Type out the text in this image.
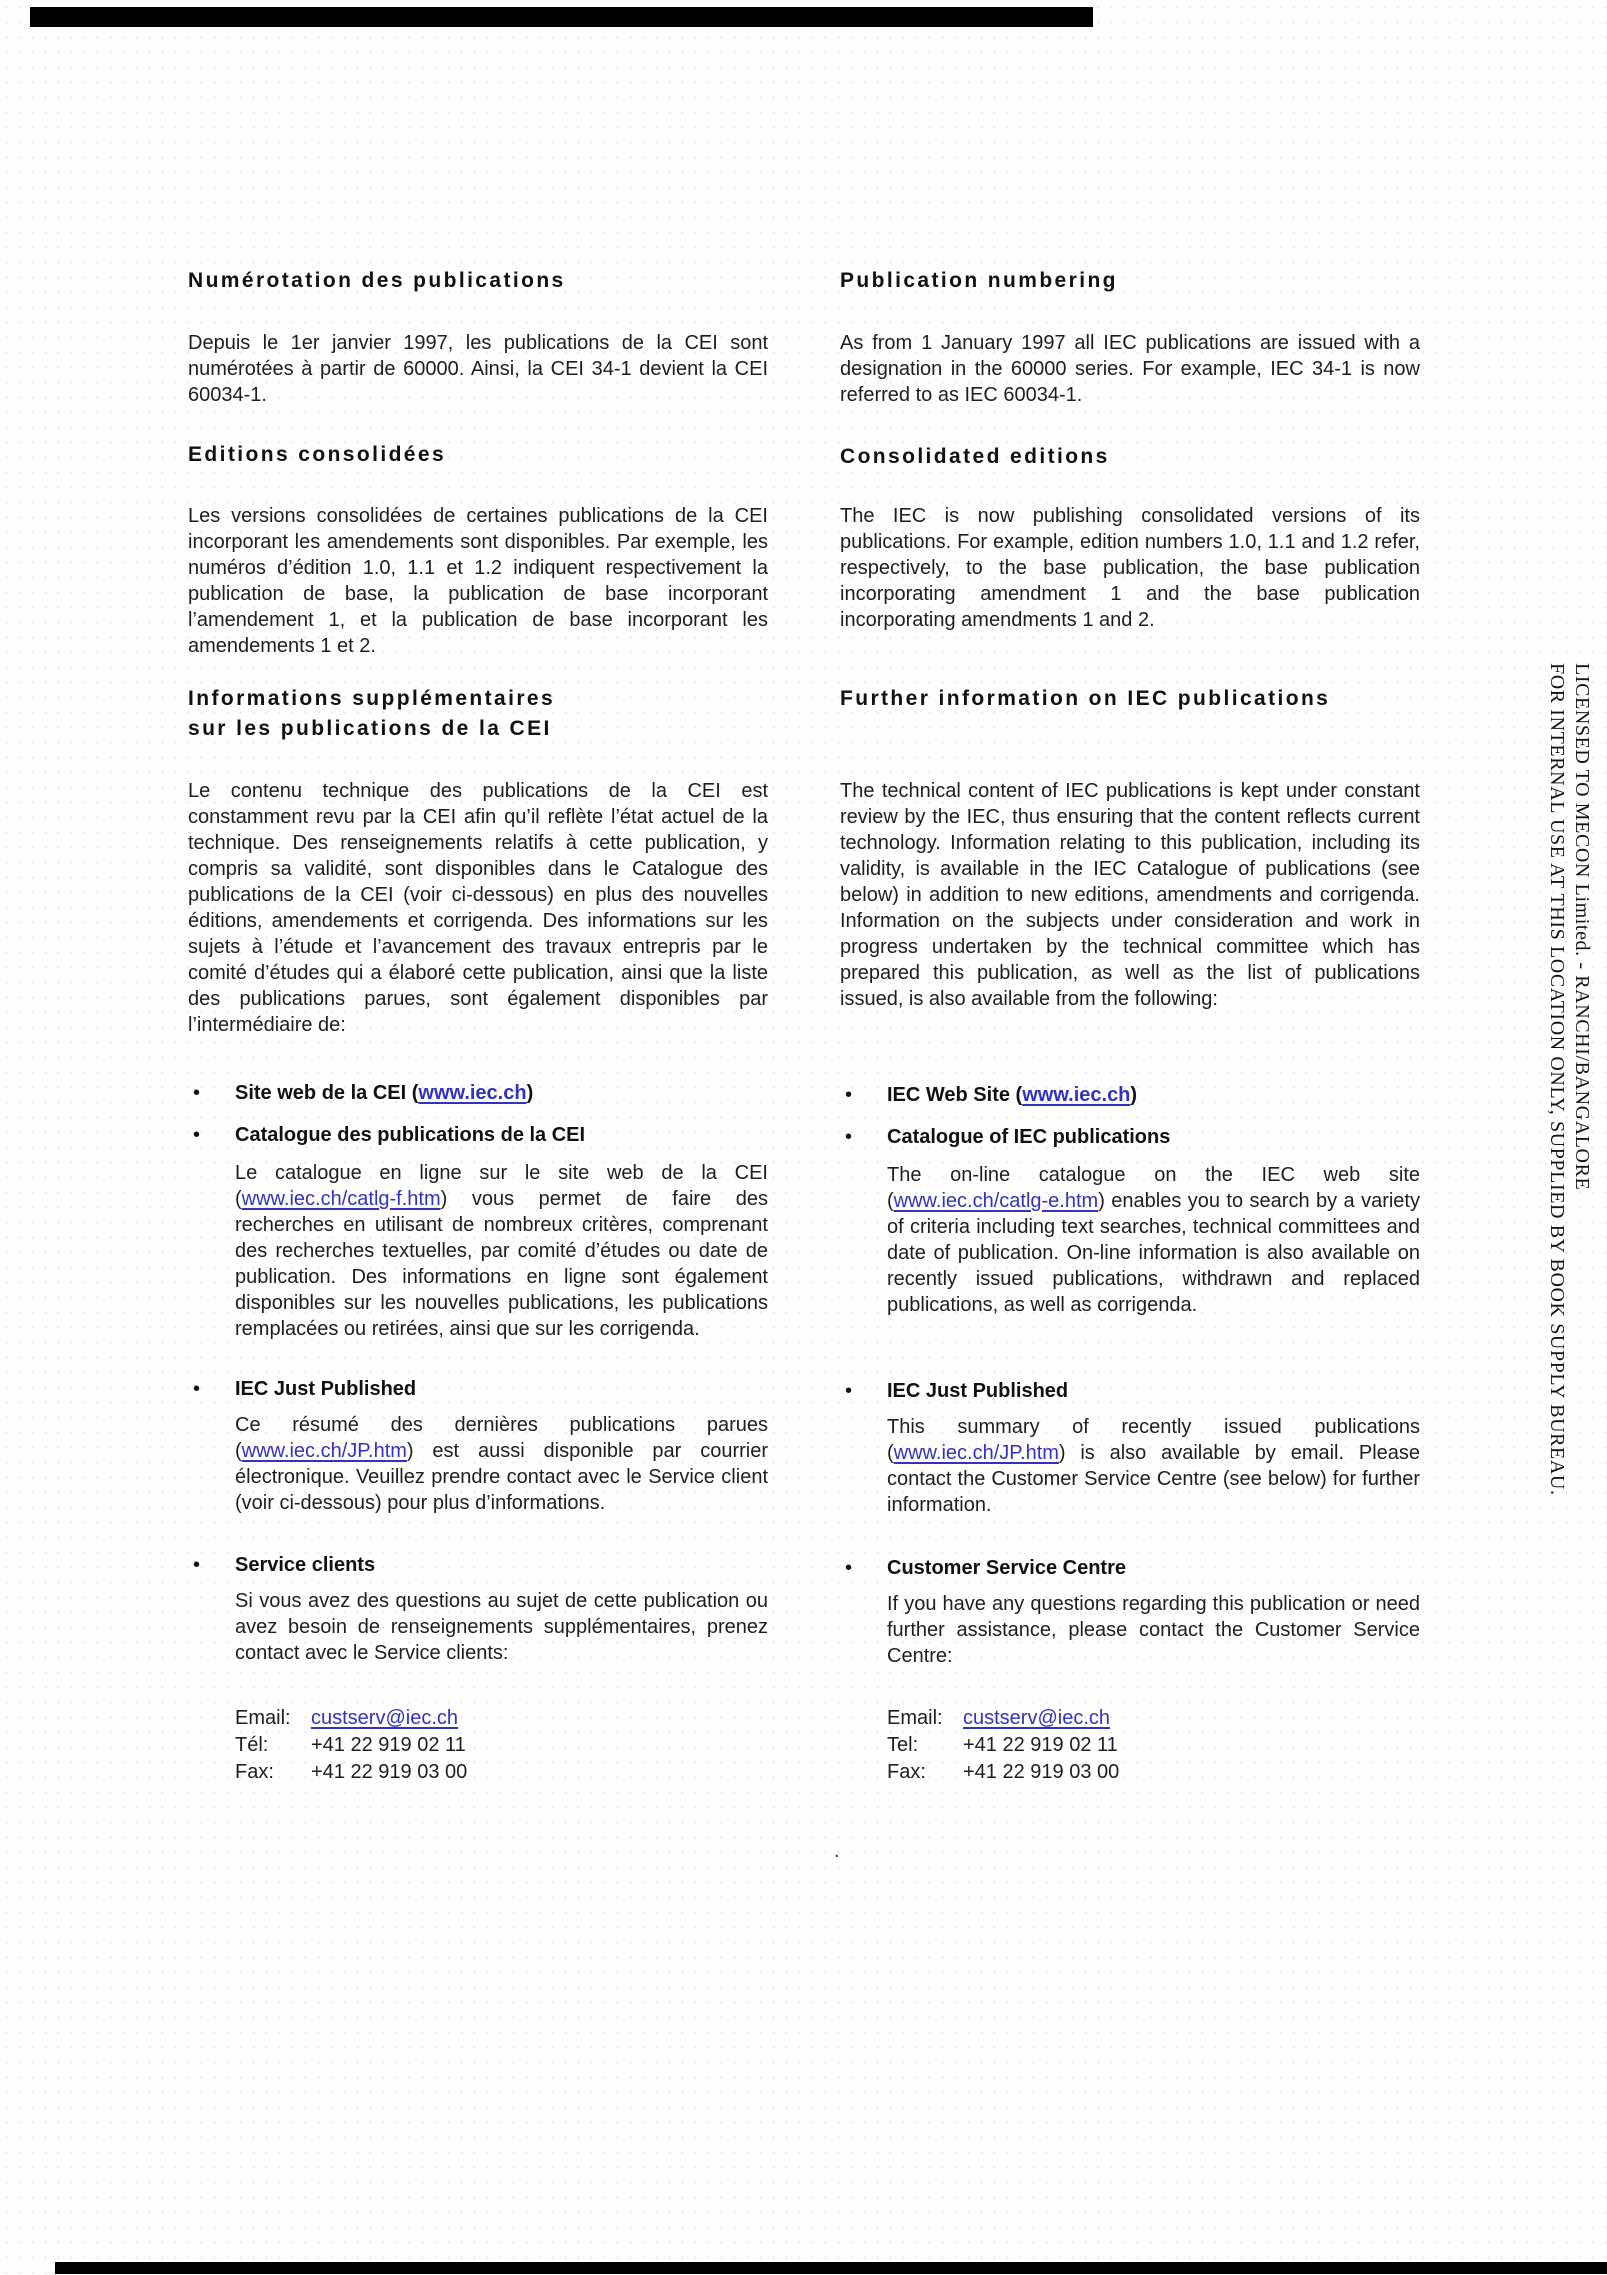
Numérotation des publications

Depuis le 1er janvier 1997, les publications de la CEI sont numérotées à partir de 60000. Ainsi, la CEI 34-1 devient la CEI 60034-1.

Editions consolidées

Les versions consolidées de certaines publications de la CEI incorporant les amendements sont disponibles. Par exemple, les numéros d’édition 1.0, 1.1 et 1.2 indiquent respectivement la publication de base, la publication de base incorporant l’amendement 1, et la publication de base incorporant les amendements 1 et 2.

Informations supplémentaires
sur les publications de la CEI

Le contenu technique des publications de la CEI est constamment revu par la CEI afin qu’il reflète l’état actuel de la technique. Des renseignements relatifs à cette publication, y compris sa validité, sont disponibles dans le Catalogue des publications de la CEI (voir ci-dessous) en plus des nouvelles éditions, amendements et corrigenda. Des informations sur les sujets à l’étude et l’avancement des travaux entrepris par le comité d’études qui a élaboré cette publication, ainsi que la liste des publications parues, sont également disponibles par l’intermédiaire de:

•	Site web de la CEI (www.iec.ch)
•	Catalogue des publications de la CEI

Le catalogue en ligne sur le site web de la CEI (www.iec.ch/catlg-f.htm) vous permet de faire des recherches en utilisant de nombreux critères, comprenant des recherches textuelles, par comité d’études ou date de publication. Des informations en ligne sont également disponibles sur les nouvelles publications, les publications remplacées ou retirées, ainsi que sur les corrigenda.

•	IEC Just Published

Ce résumé des dernières publications parues (www.iec.ch/JP.htm) est aussi disponible par courrier électronique. Veuillez prendre contact avec le Service client (voir ci-dessous) pour plus d’informations.

•	Service clients

Si vous avez des questions au sujet de cette publication ou avez besoin de renseignements supplémentaires, prenez contact avec le Service clients:

Email:	custserv@iec.ch
Tél:	+41 22 919 02 11
Fax:	+41 22 919 03 00
Publication numbering

As from 1 January 1997 all IEC publications are issued with a designation in the 60000 series. For example, IEC 34-1 is now referred to as IEC 60034-1.

Consolidated editions

The IEC is now publishing consolidated versions of its publications. For example, edition numbers 1.0, 1.1 and 1.2 refer, respectively, to the base publication, the base publication incorporating amendment 1 and the base publication incorporating amendments 1 and 2.

Further information on IEC publications

The technical content of IEC publications is kept under constant review by the IEC, thus ensuring that the content reflects current technology. Information relating to this publication, including its validity, is available in the IEC Catalogue of publications (see below) in addition to new editions, amendments and corrigenda. Information on the subjects under consideration and work in progress undertaken by the technical committee which has prepared this publication, as well as the list of publications issued, is also available from the following:

•	IEC Web Site (www.iec.ch)
•	Catalogue of IEC publications

The on-line catalogue on the IEC web site (www.iec.ch/catlg-e.htm) enables you to search by a variety of criteria including text searches, technical committees and date of publication. On-line information is also available on recently issued publications, withdrawn and replaced publications, as well as corrigenda.

•	IEC Just Published

This summary of recently issued publications (www.iec.ch/JP.htm) is also available by email. Please contact the Customer Service Centre (see below) for further information.

•	Customer Service Centre

If you have any questions regarding this publication or need further assistance, please contact the Customer Service Centre:

Email:	custserv@iec.ch
Tel:	+41 22 919 02 11
Fax:	+41 22 919 03 00
LICENSED TO MECON Limited. - RANCHI/BANGALORE
FOR INTERNAL USE AT THIS LOCATION ONLY, SUPPLIED BY BOOK SUPPLY BUREAU.
.
